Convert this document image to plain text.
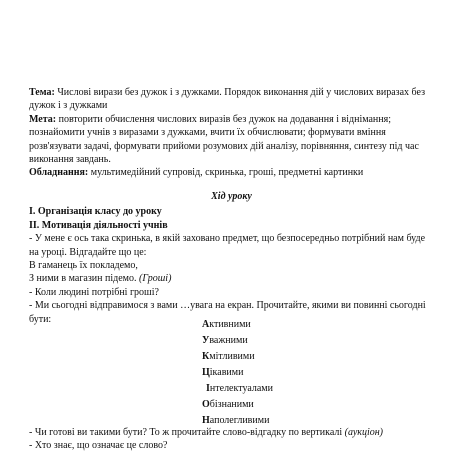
Тема: Числові вирази без дужок і з дужками. Порядок виконання дій у числових виразах без дужок і з дужками

Мета: повторити обчислення числових виразів без дужок на додавання і віднімання; познайомити учнів з виразами з дужками, вчити їх обчислювати; формувати вміння розв'язувати задачі, формувати прийоми розумових дій аналізу, порівняння, синтезу під час виконання завдань.

Обладнання: мультимедійний супровід, скринька, гроші, предметні картинки

Хід уроку

I. Організація класу до уроку

II. Мотивація діяльності учнів

- У мене є ось така скринька, в якій заховано предмет, що безпосередньо потрібний нам буде на уроці. Відгадайте що це:

В гаманець їх покладемо,

З ними в магазин підемо. (Гроші)

- Коли людині потрібні гроші?

- Ми сьогодні відправимося з вами …увага на екран. Прочитайте, якими ви повинні сьогодні бути:	Активними
Уважними
Кмітливими
Цікавими
Інтелектуалами
Обізнаними
Наполегливими

- Чи готові ви такими бути? То ж прочитайте слово-відгадку по вертикалі (аукціон)

- Хто знає, що означає це слово?
